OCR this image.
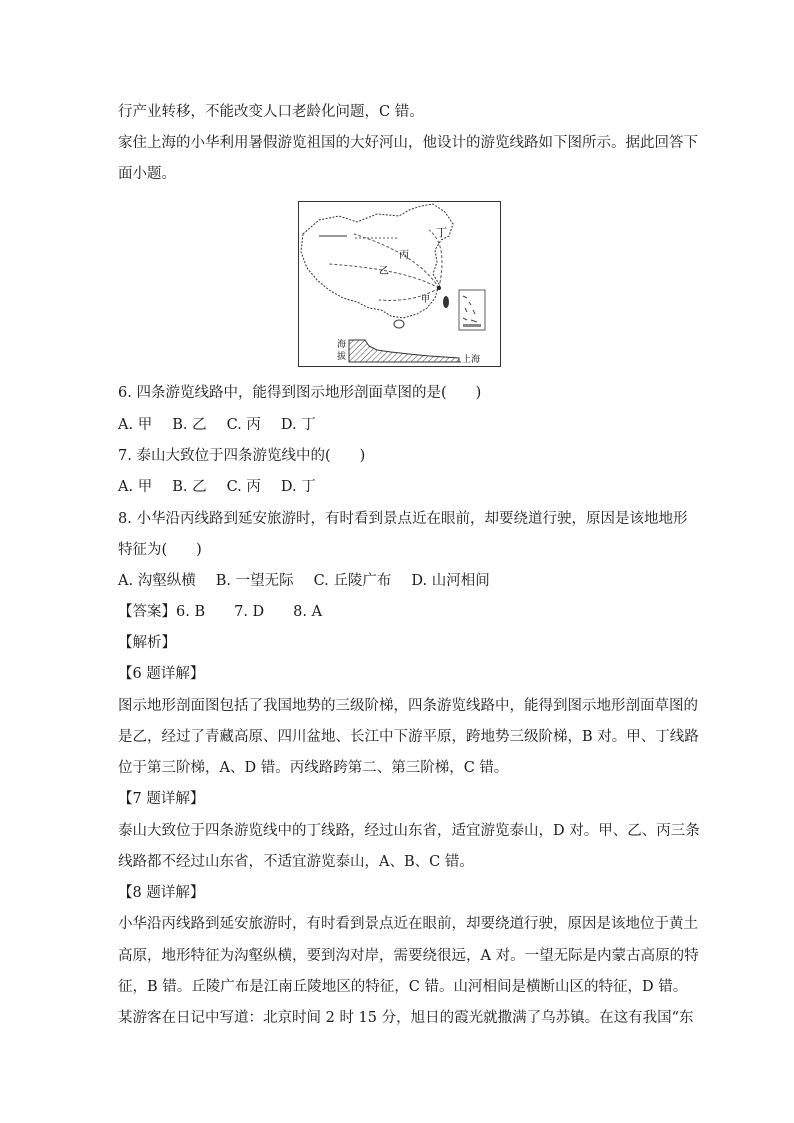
行产业转移，不能改变人口老龄化问题，C 错。
家住上海的小华利用暑假游览祖国的大好河山，他设计的游览线路如下图所示。据此回答下
面小题。
丁
丙
乙
甲
海
拔	上海
6. 四条游览线路中，能得到图示地形剖面草图的是(　　)
A. 甲 B. 乙 C. 丙 D. 丁
7. 泰山大致位于四条游览线中的(　　)
A. 甲 B. 乙 C. 丙 D. 丁
8. 小华沿丙线路到延安旅游时，有时看到景点近在眼前，却要绕道行驶，原因是该地地形
特征为(　　)
A. 沟壑纵横 B. 一望无际 C. 丘陵广布 D. 山河相间
【答案】6. B　　7. D　　8. A
【解析】
【6 题详解】
图示地形剖面图包括了我国地势的三级阶梯，四条游览线路中，能得到图示地形剖面草图的
是乙，经过了青藏高原、四川盆地、长江中下游平原，跨地势三级阶梯，B 对。甲、丁线路
位于第三阶梯，A、D 错。丙线路跨第二、第三阶梯，C 错。
【7 题详解】
泰山大致位于四条游览线中的丁线路，经过山东省，适宜游览泰山，D 对。甲、乙、丙三条
线路都不经过山东省，不适宜游览泰山，A、B、C 错。
【8 题详解】
小华沿丙线路到延安旅游时，有时看到景点近在眼前，却要绕道行驶，原因是该地位于黄土
高原，地形特征为沟壑纵横，要到沟对岸，需要绕很远，A 对。一望无际是内蒙古高原的特
征，B 错。丘陵广布是江南丘陵地区的特征，C 错。山河相间是横断山区的特征，D 错。
某游客在日记中写道：北京时间 2 时 15 分，旭日的霞光就撒满了乌苏镇。在这有我国“东
